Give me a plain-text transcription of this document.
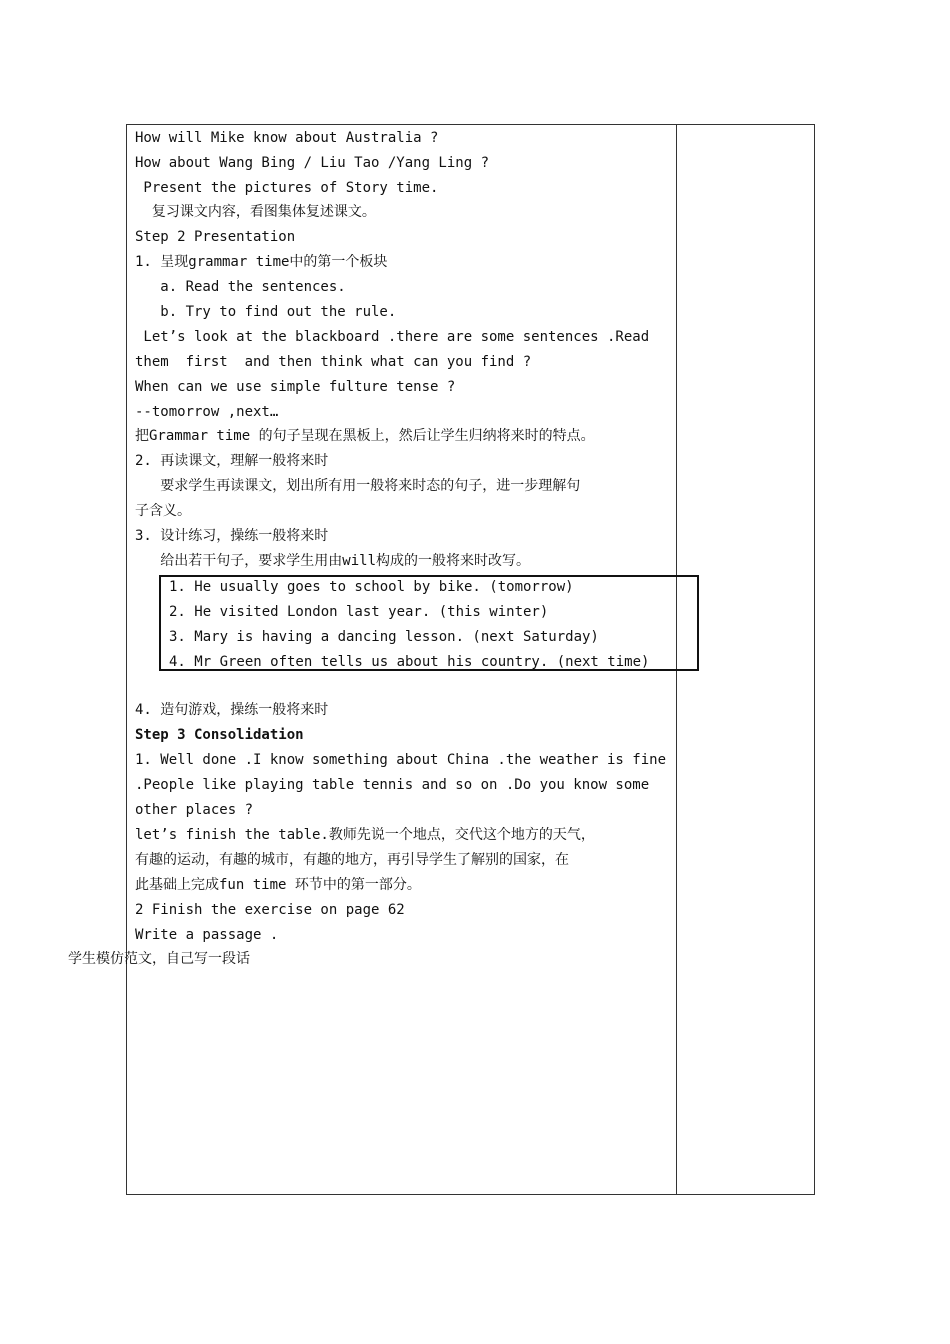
How will Mike know about Australia ?
How about Wang Bing / Liu Tao /Yang Ling ?
Present the pictures of Story time.
复习课文内容，看图集体复述课文。
Step 2 Presentation
1. 呈现grammar time中的第一个板块
a. Read the sentences.
b. Try to find out the rule.
Let’s look at the blackboard .there are some sentences .Read
them  first  and then think what can you find ?
When can we use simple fulture tense ?
--tomorrow ,next…
把Grammar time 的句子呈现在黑板上，然后让学生归纳将来时的特点。
2. 再读课文，理解一般将来时
要求学生再读课文，划出所有用一般将来时态的句子，进一步理解句
子含义。
3. 设计练习，操练一般将来时
给出若干句子，要求学生用由will构成的一般将来时改写。
1. He usually goes to school by bike. (tomorrow)
2. He visited London last year. (this winter)
3. Mary is having a dancing lesson. (next Saturday)
4. Mr Green often tells us about his country. (next time)
4. 造句游戏，操练一般将来时
Step 3 Consolidation
1. Well done .I know something about China .the weather is fine
.People like playing table tennis and so on .Do you know some
other places ?
let’s finish the table.教师先说一个地点，交代这个地方的天气，
有趣的运动，有趣的城市，有趣的地方，再引导学生了解别的国家，在
此基础上完成fun time 环节中的第一部分。
2 Finish the exercise on page 62
Write a passage .
学生模仿范文，自己写一段话
